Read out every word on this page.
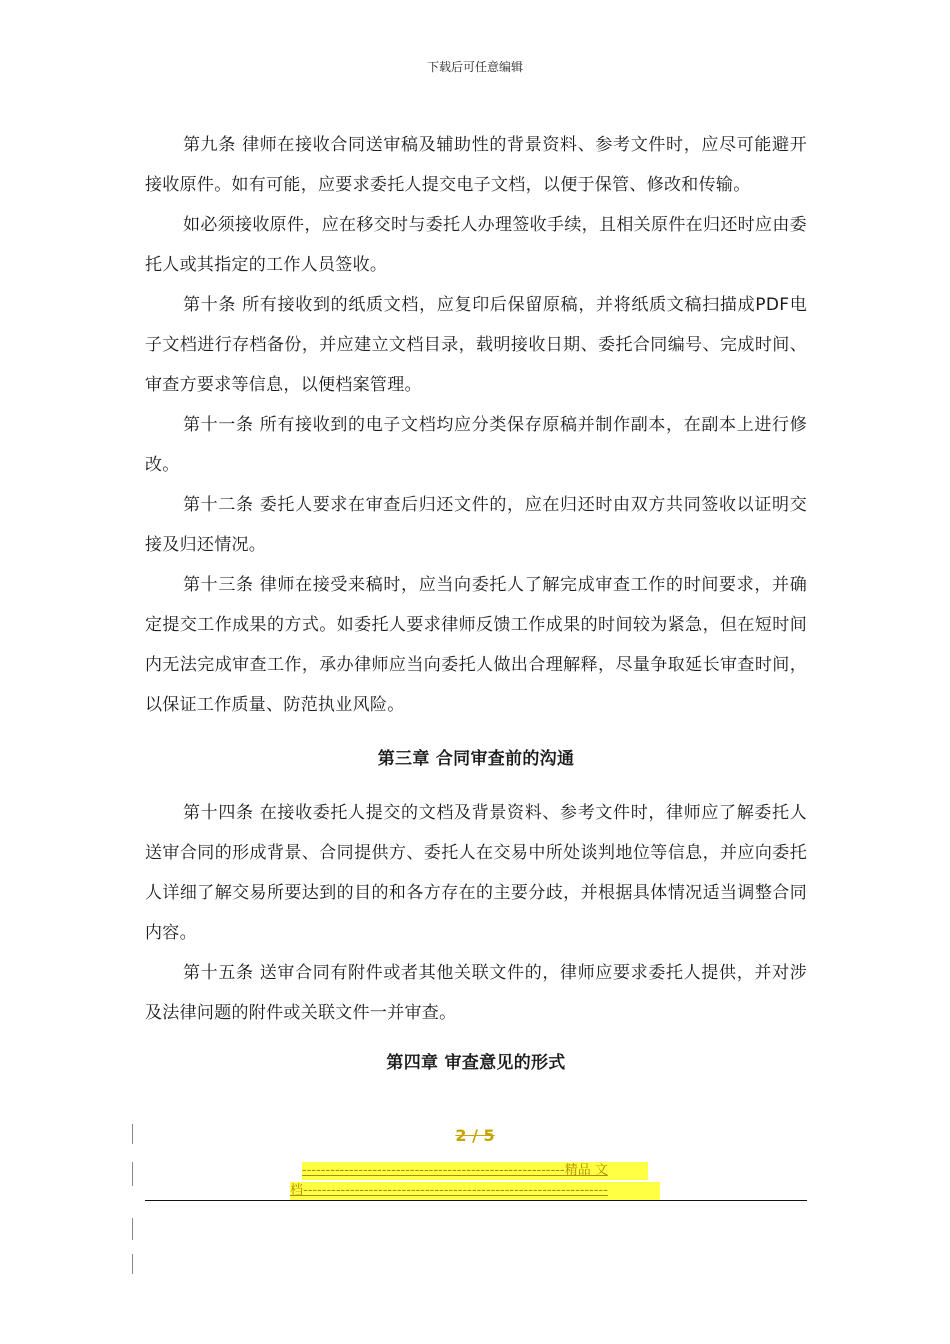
下载后可任意编辑

第九条 律师在接收合同送审稿及辅助性的背景资料、参考文件时，应尽可能避开接收原件。如有可能，应要求委托人提交电子文档，以便于保管、修改和传输。

如必须接收原件，应在移交时与委托人办理签收手续，且相关原件在归还时应由委托人或其指定的工作人员签收。

第十条 所有接收到的纸质文档，应复印后保留原稿，并将纸质文稿扫描成PDF电子文档进行存档备份，并应建立文档目录，载明接收日期、委托合同编号、完成时间、审查方要求等信息，以便档案管理。

第十一条 所有接收到的电子文档均应分类保存原稿并制作副本，在副本上进行修改。

第十二条 委托人要求在审查后归还文件的，应在归还时由双方共同签收以证明交接及归还情况。

第十三条 律师在接受来稿时，应当向委托人了解完成审查工作的时间要求，并确定提交工作成果的方式。如委托人要求律师反馈工作成果的时间较为紧急，但在短时间内无法完成审查工作，承办律师应当向委托人做出合理解释，尽量争取延长审查时间，以保证工作质量、防范执业风险。

第三章 合同审查前的沟通

第十四条 在接收委托人提交的文档及背景资料、参考文件时，律师应了解委托人送审合同的形成背景、合同提供方、委托人在交易中所处谈判地位等信息，并应向委托人详细了解交易所要达到的目的和各方存在的主要分歧，并根据具体情况适当调整合同内容。

第十五条 送审合同有附件或者其他关联文件的，律师应要求委托人提供，并对涉及法律问题的附件或关联文件一并审查。

第四章 审查意见的形式
2 / 5
--------------------------------------------------------精品 文
档-----------------------------------------------------------------
